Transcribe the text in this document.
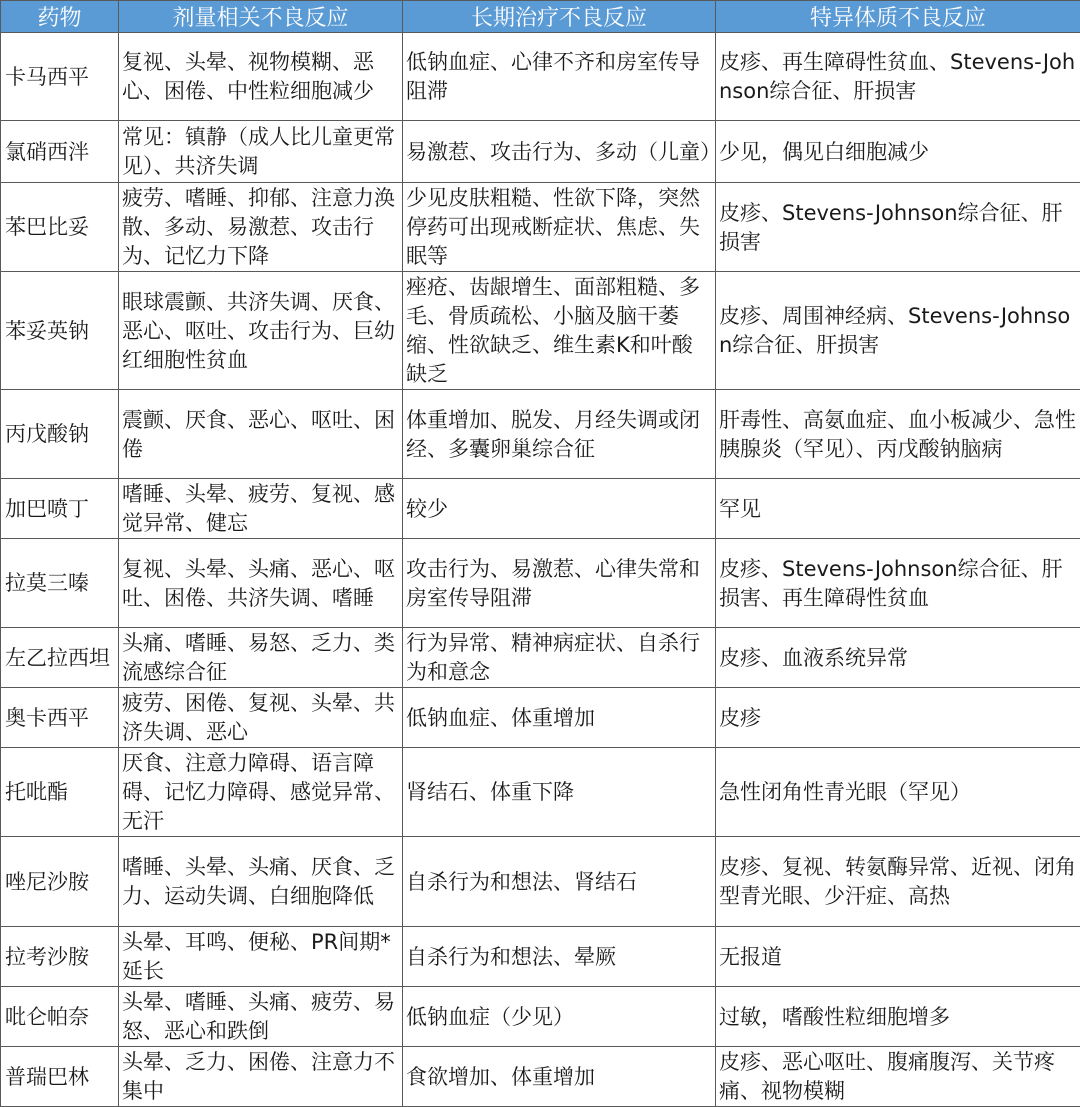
药物	剂量相关不良反应	长期治疗不良反应	特异体质不良反应
卡马西平	复视、头晕、视物模糊、恶心、困倦、中性粒细胞减少	低钠血症、心律不齐和房室传导阻滞	皮疹、再生障碍性贫血、Stevens-Johnson综合征、肝损害
氯硝西泮	常见：镇静（成人比儿童更常见）、共济失调	易激惹、攻击行为、多动（儿童）	少见，偶见白细胞减少
苯巴比妥	疲劳、嗜睡、抑郁、注意力涣散、多动、易激惹、攻击行为、记忆力下降	少见皮肤粗糙、性欲下降，突然停药可出现戒断症状、焦虑、失眠等	皮疹、Stevens-Johnson综合征、肝损害
苯妥英钠	眼球震颤、共济失调、厌食、恶心、呕吐、攻击行为、巨幼红细胞性贫血	痤疮、齿龈增生、面部粗糙、多毛、骨质疏松、小脑及脑干萎缩、性欲缺乏、维生素K和叶酸缺乏	皮疹、周围神经病、Stevens-Johnson综合征、肝损害
丙戊酸钠	震颤、厌食、恶心、呕吐、困倦	体重增加、脱发、月经失调或闭经、多囊卵巢综合征	肝毒性、高氨血症、血小板减少、急性胰腺炎（罕见）、丙戊酸钠脑病
加巴喷丁	嗜睡、头晕、疲劳、复视、感觉异常、健忘	较少	罕见
拉莫三嗪	复视、头晕、头痛、恶心、呕吐、困倦、共济失调、嗜睡	攻击行为、易激惹、心律失常和房室传导阻滞	皮疹、Stevens-Johnson综合征、肝损害、再生障碍性贫血
左乙拉西坦	头痛、嗜睡、易怒、乏力、类流感综合征	行为异常、精神病症状、自杀行为和意念	皮疹、血液系统异常
奥卡西平	疲劳、困倦、复视、头晕、共济失调、恶心	低钠血症、体重增加	皮疹
托吡酯	厌食、注意力障碍、语言障碍、记忆力障碍、感觉异常、无汗	肾结石、体重下降	急性闭角性青光眼（罕见）
唑尼沙胺	嗜睡、头晕、头痛、厌食、乏力、运动失调、白细胞降低	自杀行为和想法、肾结石	皮疹、复视、转氨酶异常、近视、闭角型青光眼、少汗症、高热
拉考沙胺	头晕、耳鸣、便秘、PR间期*延长	自杀行为和想法、晕厥	无报道
吡仑帕奈	头晕、嗜睡、头痛、疲劳、易怒、恶心和跌倒	低钠血症（少见）	过敏，嗜酸性粒细胞增多
普瑞巴林	头晕、乏力、困倦、注意力不集中	食欲增加、体重增加	皮疹、恶心呕吐、腹痛腹泻、关节疼痛、视物模糊
